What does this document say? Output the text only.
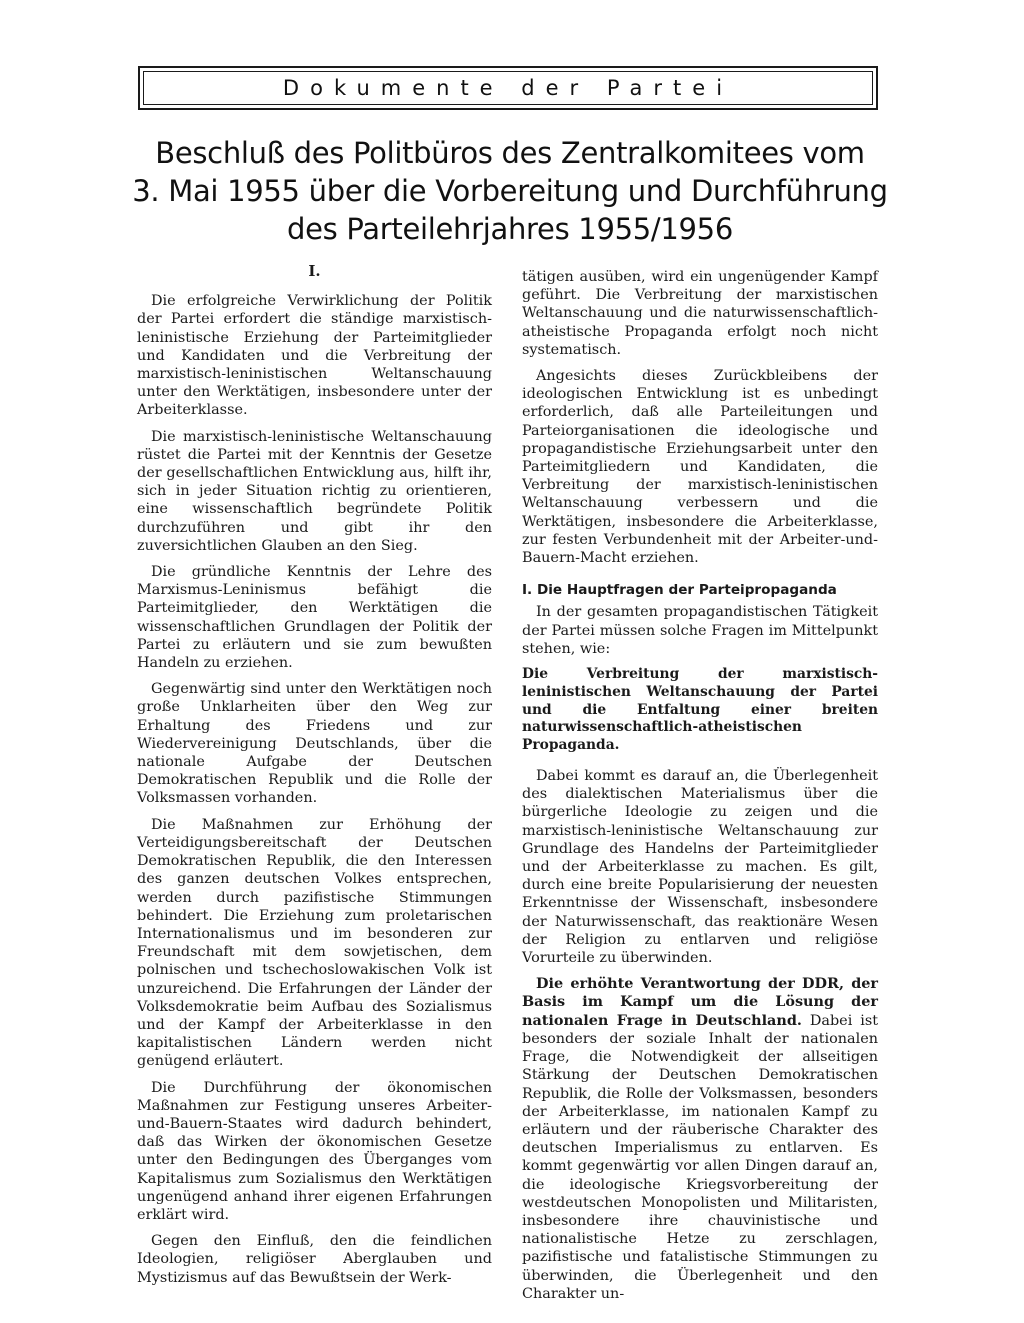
Dokumente der Partei
Beschluß des Politbüros des Zentralkomitees vom
3. Mai 1955 über die Vorbereitung und Durchführung
des Parteilehrjahres 1955/1956
I.

Die erfolgreiche Verwirklichung der Politik der Partei erfordert die ständige marxistisch-leninistische Erziehung der Parteimitglieder und Kandidaten und die Verbreitung der marxistisch-leninistischen Weltanschauung unter den Werktätigen, insbesondere unter der Arbeiterklasse.

Die marxistisch-leninistische Weltanschauung rüstet die Partei mit der Kenntnis der Gesetze der gesellschaftlichen Entwicklung aus, hilft ihr, sich in jeder Situation richtig zu orientieren, eine wissenschaftlich begründete Politik durchzuführen und gibt ihr den zuversichtlichen Glauben an den Sieg.

Die gründliche Kenntnis der Lehre des Marxismus-Leninismus befähigt die Parteimitglieder, den Werktätigen die wissenschaftlichen Grundlagen der Politik der Partei zu erläutern und sie zum bewußten Handeln zu erziehen.

Gegenwärtig sind unter den Werktätigen noch große Unklarheiten über den Weg zur Erhaltung des Friedens und zur Wiedervereinigung Deutschlands, über die nationale Aufgabe der Deutschen Demokratischen Republik und die Rolle der Volksmassen vorhanden.

Die Maßnahmen zur Erhöhung der Verteidigungsbereitschaft der Deutschen Demokratischen Republik, die den Interessen des ganzen deutschen Volkes entsprechen, werden durch pazifistische Stimmungen behindert. Die Erziehung zum proletarischen Internationalismus und im besonderen zur Freundschaft mit dem sowjetischen, dem polnischen und tschechoslowakischen Volk ist unzureichend. Die Erfahrungen der Länder der Volksdemokratie beim Aufbau des Sozialismus und der Kampf der Arbeiterklasse in den kapitalistischen Ländern werden nicht genügend erläutert.

Die Durchführung der ökonomischen Maßnahmen zur Festigung unseres Arbeiter-und-Bauern-Staates wird dadurch behindert, daß das Wirken der ökonomischen Gesetze unter den Bedingungen des Überganges vom Kapitalismus zum Sozialismus den Werktätigen ungenügend anhand ihrer eigenen Erfahrungen erklärt wird.

Gegen den Einfluß, den die feindlichen Ideologien, religiöser Aberglauben und Mystizismus auf das Bewußtsein der Werk-

tätigen ausüben, wird ein ungenügender Kampf geführt. Die Verbreitung der marxistischen Weltanschauung und die naturwissenschaftlich-atheistische Propaganda erfolgt noch nicht systematisch.

Angesichts dieses Zurückbleibens der ideologischen Entwicklung ist es unbedingt erforderlich, daß alle Parteileitungen und Parteiorganisationen die ideologische und propagandistische Erziehungsarbeit unter den Parteimitgliedern und Kandidaten, die Verbreitung der marxistisch-leninistischen Weltanschauung verbessern und die Werktätigen, insbesondere die Arbeiterklasse, zur festen Verbundenheit mit der Arbeiter-und-Bauern-Macht erziehen.

I. Die Hauptfragen der Parteipropaganda

In der gesamten propagandistischen Tätigkeit der Partei müssen solche Fragen im Mittelpunkt stehen, wie:

Die Verbreitung der marxistisch-leninistischen Weltanschauung der Partei und die Entfaltung einer breiten naturwissenschaftlich-atheistischen Propaganda.

Dabei kommt es darauf an, die Überlegenheit des dialektischen Materialismus über die bürgerliche Ideologie zu zeigen und die marxistisch-leninistische Weltanschauung zur Grundlage des Handelns der Parteimitglieder und der Arbeiterklasse zu machen. Es gilt, durch eine breite Popularisierung der neuesten Erkenntnisse der Wissenschaft, insbesondere der Naturwissenschaft, das reaktionäre Wesen der Religion zu entlarven und religiöse Vorurteile zu überwinden.

Die erhöhte Verantwortung der DDR, der Basis im Kampf um die Lösung der nationalen Frage in Deutschland. Dabei ist besonders der soziale Inhalt der nationalen Frage, die Notwendigkeit der allseitigen Stärkung der Deutschen Demokratischen Republik, die Rolle der Volksmassen, besonders der Arbeiterklasse, im nationalen Kampf zu erläutern und der räuberische Charakter des deutschen Imperialismus zu entlarven. Es kommt gegenwärtig vor allen Dingen darauf an, die ideologische Kriegsvorbereitung der westdeutschen Monopolisten und Militaristen, insbesondere ihre chauvinistische und nationalistische Hetze zu zerschlagen, pazifistische und fatalistische Stimmungen zu überwinden, die Überlegenheit und den Charakter un-
